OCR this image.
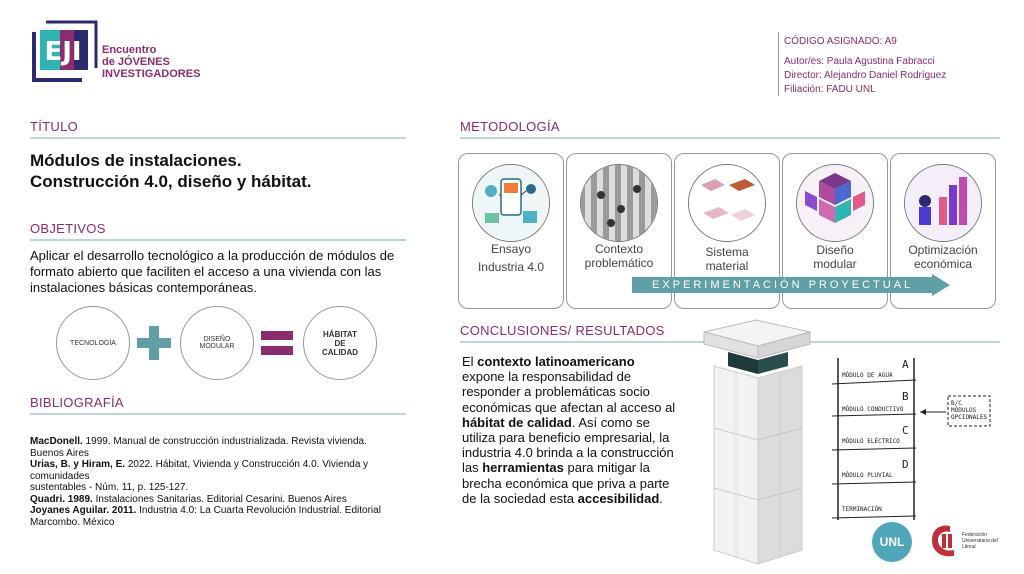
EJI Encuentro
de JÓVENES
INVESTIGADORES
CÓDIGO ASIGNADO: A9
Autor/es: Paula Agustina Fabracci
Director: Alejandro Daniel Rodríguez
Filiación: FADU UNL
TÍTULO
Módulos de instalaciones.
Construcción 4.0, diseño y hábitat.
OBJETIVOS
Aplicar el desarrollo tecnológico a la producción de módulos de formato abierto que faciliten el acceso a una vivienda con las instalaciones básicas contemporáneas.
TECNOLOGÍA	DISEÑO
MODULAR
HÁBITAT
DE
CALIDAD
BIBLIOGRAFÍA
MacDonell. 1999. Manual de construcción industrializada. Revista vivienda. Buenos Aires
Urias, B. y Hiram, E. 2022. Hábitat, Vivienda y Construcción 4.0. Vivienda y comunidades
sustentables - Núm. 11, p. 125-127.
Quadri. 1989. Instalaciones Sanitarias. Editorial Cesarini. Buenos Aires
Joyanes Aguilar. 2011. Industria 4.0: La Cuarta Revolución Industrial. Editorial Marcombo. México
METODOLOGÍA
Ensayo
Industria 4.0
Contexto
problemático
Sistema
material
Diseño
modular
Optimización
económica
EXPERIMENTACIÓN PROYECTUAL
CONCLUSIONES/ RESULTADOS
El contexto latinoamericano expone la responsabilidad de responder a problemáticas socio económicas que afectan al acceso al hábitat de calidad. Así como se utiliza para beneficio empresarial, la industria 4.0 brinda a la construcción las herramientas para mitigar la brecha económica que priva a parte de la sociedad esta accesibilidad.
A
B
C
D
MÓDULO DE AGUA
MÓDULO CONDUCTIVO
MÓDULO ELÉCTRICO
MÓDULO PLUVIAL
TERMINACIÓN
B/C MÓDULOS OPCIONALES
UNL	Federación Universitaria del Litoral
